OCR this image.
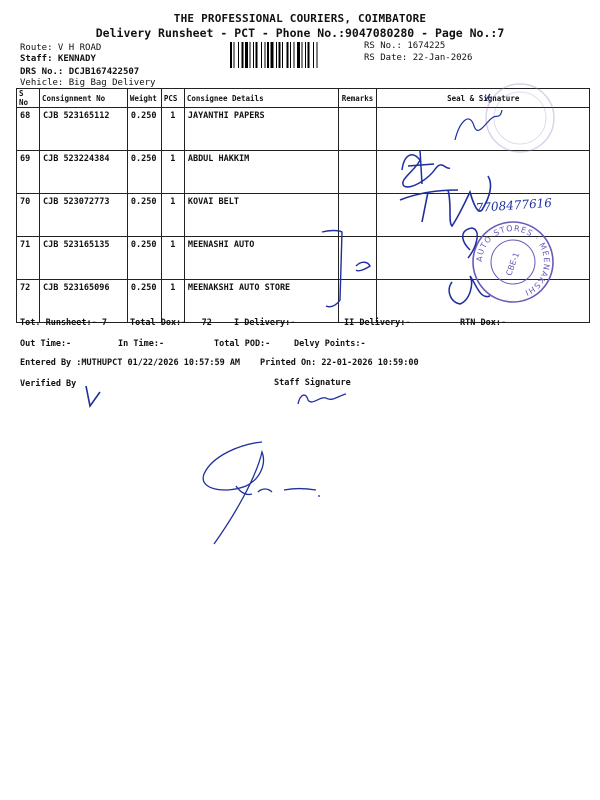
THE PROFESSIONAL COURIERS, COIMBATORE
Delivery Runsheet - PCT - Phone No.:9047080280 - Page No.:7
Route: V H ROAD
Staff: KENNADY
DRS No.: DCJB167422507
Vehicle: Big Bag Delivery
RS No.: 1674225
RS Date: 22-Jan-2026
S No	Consignment No	Weight	PCS	Consignee Details	Remarks	Seal & Signature
68	CJB 523165112	0.250	1	JAYANTHI PAPERS		
69	CJB 523224384	0.250	1	ABDUL HAKKIM		
70	CJB 523072773	0.250	1	KOVAI BELT		
71	CJB 523165135	0.250	1	MEENASHI AUTO		
72	CJB 523165096	0.250	1	MEENAKSHI AUTO STORE		
Tot. Runsheet:- 7	Total Dox:-   72	I Delivery:-	II Delivery:-	RTN Dox:-
Out Time:-	In Time:-	Total POD:-	Delvy Points:-
Entered By :MUTHUPCT 01/22/2026 10:57:59 AM Printed On: 22-01-2026 10:59:00
Verified By	Staff Signature
7708477616
AUTO STORES · MEENAKSHI
CBE-1
